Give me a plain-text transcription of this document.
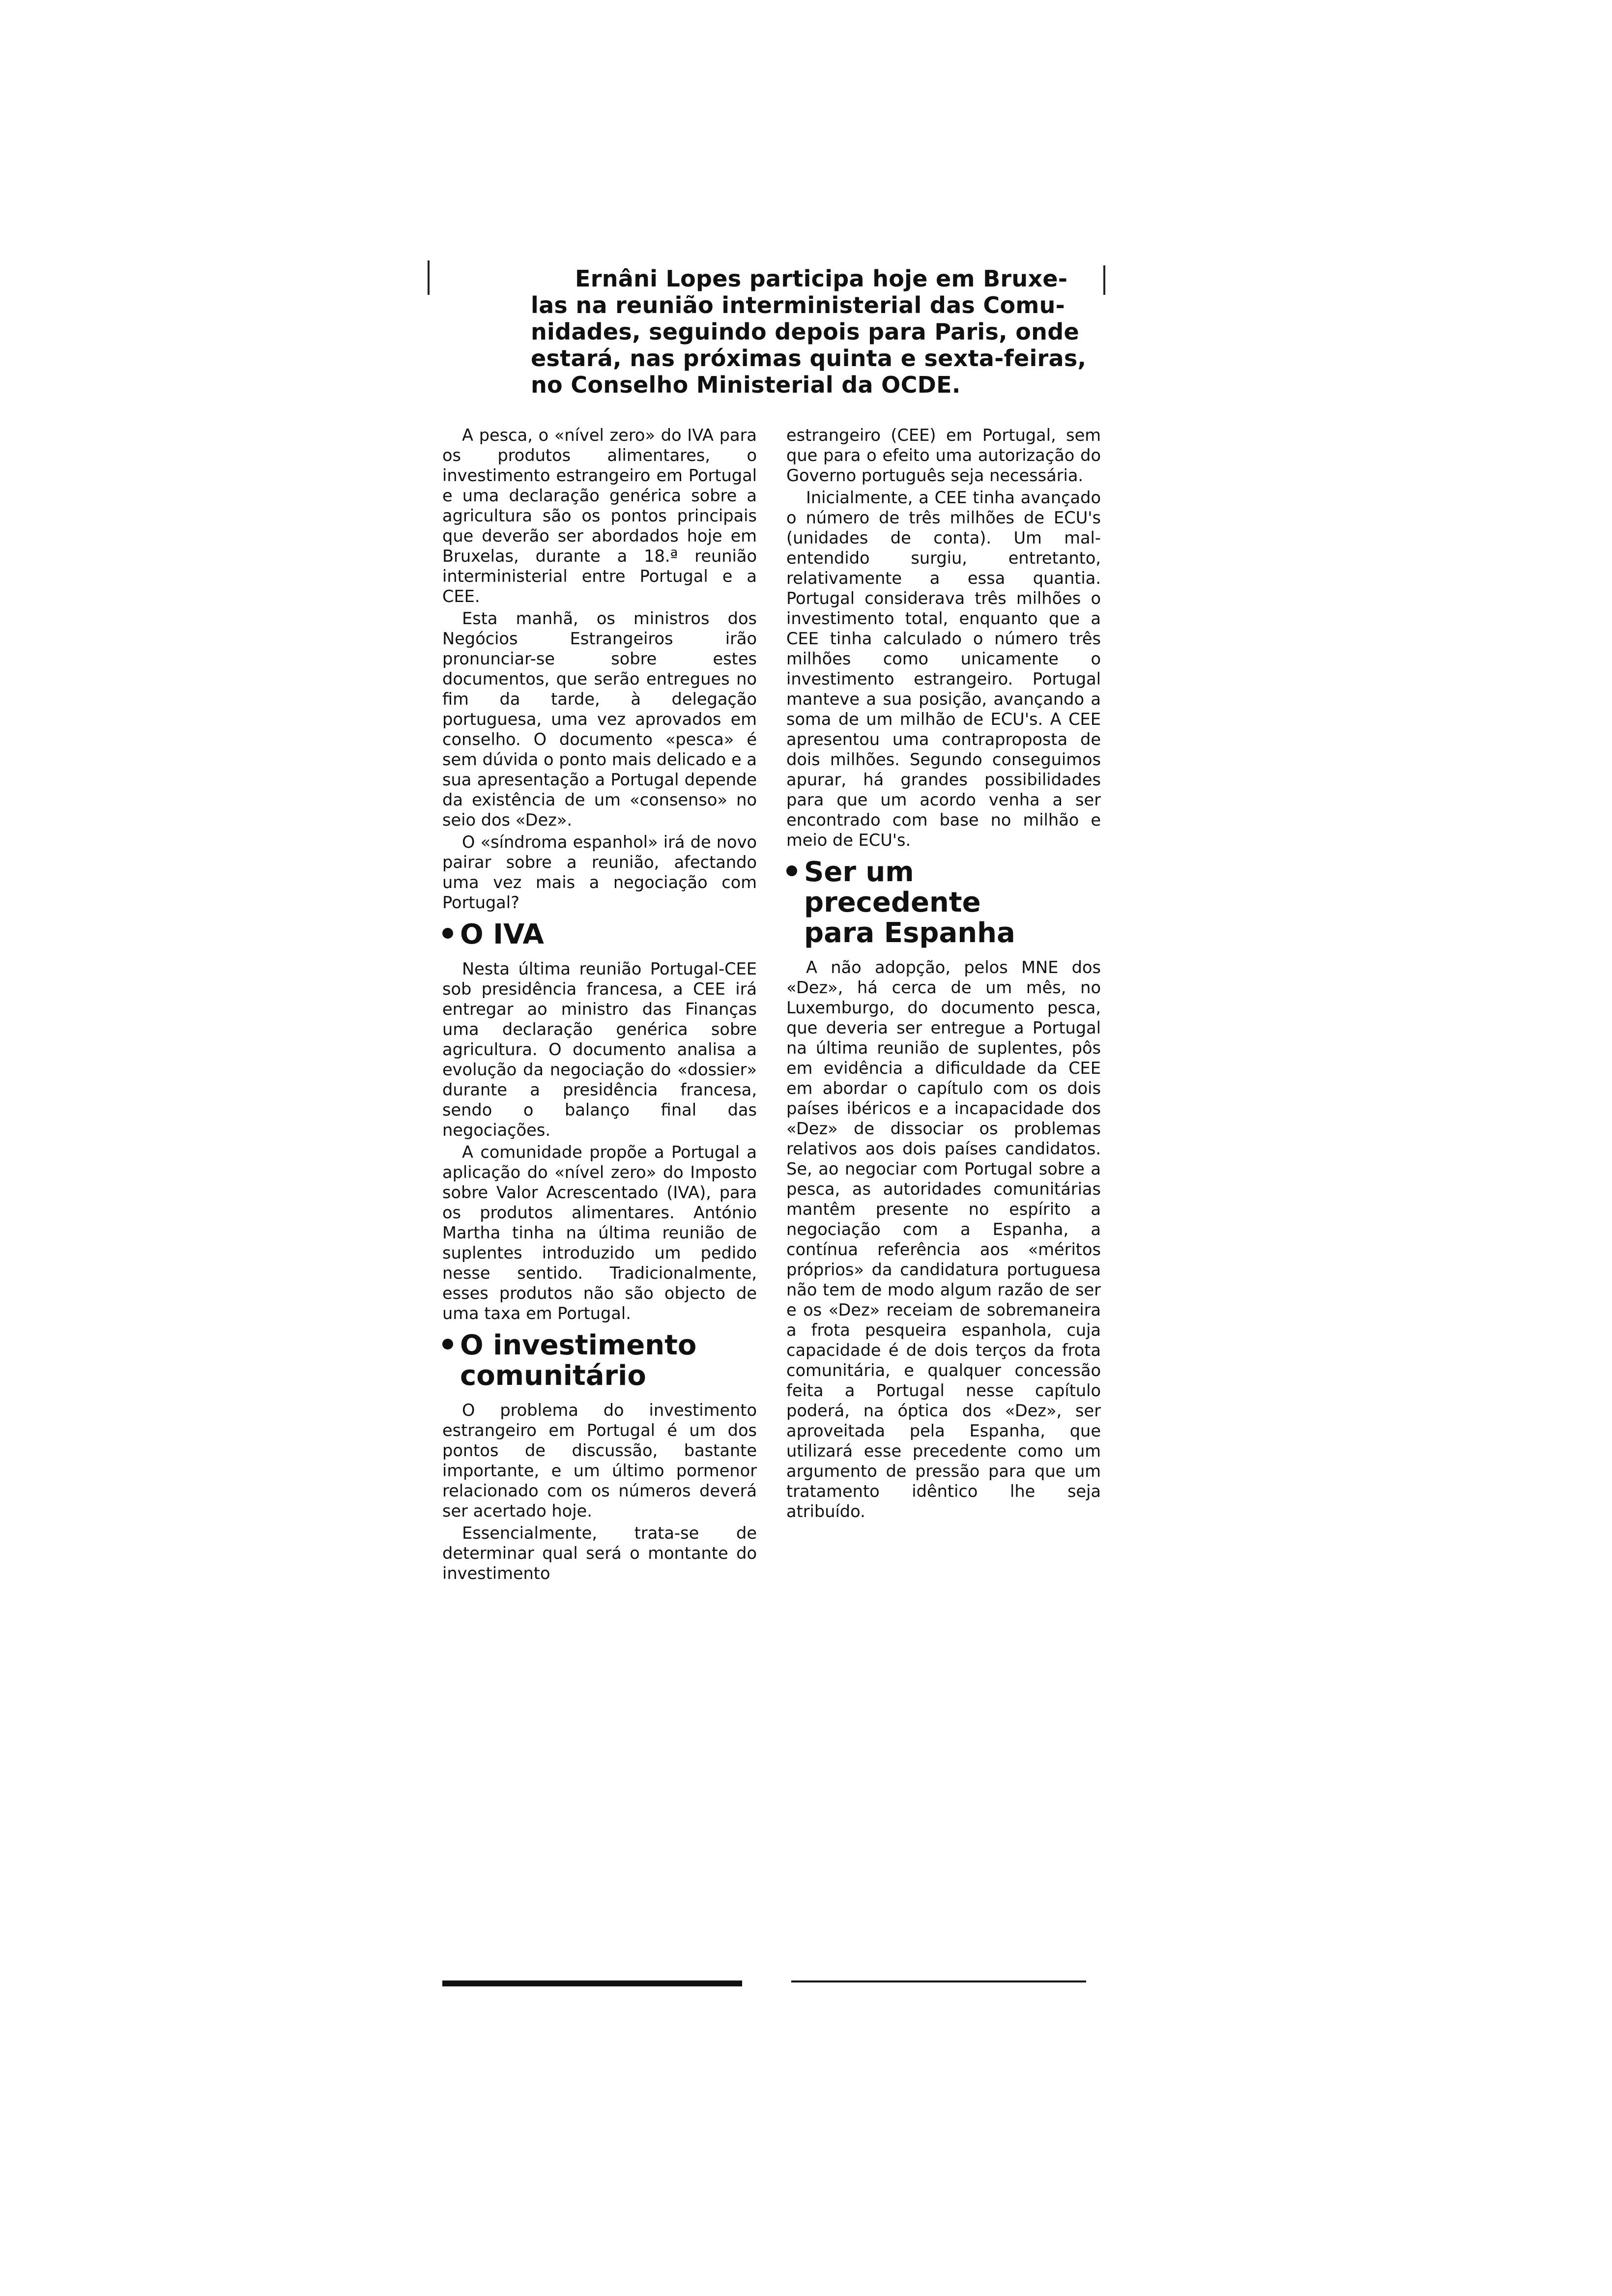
Ernâni Lopes participa hoje em Bruxe-
las na reunião interministerial das Comu-
nidades, seguindo depois para Paris, onde
estará, nas próximas quinta e sexta-feiras,
no Conselho Ministerial da OCDE.

A pesca, o «nível zero» do IVA para os produtos alimentares, o investimento estrangeiro em Portugal e uma declaração genérica sobre a agricultura são os pontos principais que deverão ser abordados hoje em Bruxelas, durante a 18.ª reunião interministerial entre Portugal e a CEE.

Esta manhã, os ministros dos Negócios Estrangeiros irão pronunciar-se sobre estes documentos, que serão entregues no fim da tarde, à delegação portuguesa, uma vez aprovados em conselho. O documento «pesca» é sem dúvida o ponto mais delicado e a sua apresentação a Portugal depende da existência de um «consenso» no seio dos «Dez».

O «síndroma espanhol» irá de novo pairar sobre a reunião, afectando uma vez mais a negociação com Portugal?

O IVA

Nesta última reunião Portugal-CEE sob presidência francesa, a CEE irá entregar ao ministro das Finanças uma declaração genérica sobre agricultura. O documento analisa a evolução da negociação do «dossier» durante a presidência francesa, sendo o balanço final das negociações.

A comunidade propõe a Portugal a aplicação do «nível zero» do Imposto sobre Valor Acrescentado (IVA), para os produtos alimentares. António Martha tinha na última reunião de suplentes introduzido um pedido nesse sentido. Tradicionalmente, esses produtos não são objecto de uma taxa em Portugal.

O investimento
comunitário

O problema do investimento estrangeiro em Portugal é um dos pontos de discussão, bastante importante, e um último pormenor relacionado com os números deverá ser acertado hoje.

Essencialmente, trata-se de determinar qual será o montante do investimento

estrangeiro (CEE) em Portugal, sem que para o efeito uma autorização do Governo português seja necessária.

Inicialmente, a CEE tinha avançado o número de três milhões de ECU's (unidades de conta). Um mal-entendido surgiu, entretanto, relativamente a essa quantia. Portugal considerava três milhões o investimento total, enquanto que a CEE tinha calculado o número três milhões como unicamente o investimento estrangeiro. Portugal manteve a sua posição, avançando a soma de um milhão de ECU's. A CEE apresentou uma contraproposta de dois milhões. Segundo conseguimos apurar, há grandes possibilidades para que um acordo venha a ser encontrado com base no milhão e meio de ECU's.

Ser um
precedente
para Espanha

A não adopção, pelos MNE dos «Dez», há cerca de um mês, no Luxemburgo, do documento pesca, que deveria ser entregue a Portugal na última reunião de suplentes, pôs em evidência a dificuldade da CEE em abordar o capítulo com os dois países ibéricos e a incapacidade dos «Dez» de dissociar os problemas relativos aos dois países candidatos. Se, ao negociar com Portugal sobre a pesca, as autoridades comunitárias mantêm presente no espírito a negociação com a Espanha, a contínua referência aos «méritos próprios» da candidatura portuguesa não tem de modo algum razão de ser e os «Dez» receiam de sobremaneira a frota pesqueira espanhola, cuja capacidade é de dois terços da frota comunitária, e qualquer concessão feita a Portugal nesse capítulo poderá, na óptica dos «Dez», ser aproveitada pela Espanha, que utilizará esse precedente como um argumento de pressão para que um tratamento idêntico lhe seja atribuído.
